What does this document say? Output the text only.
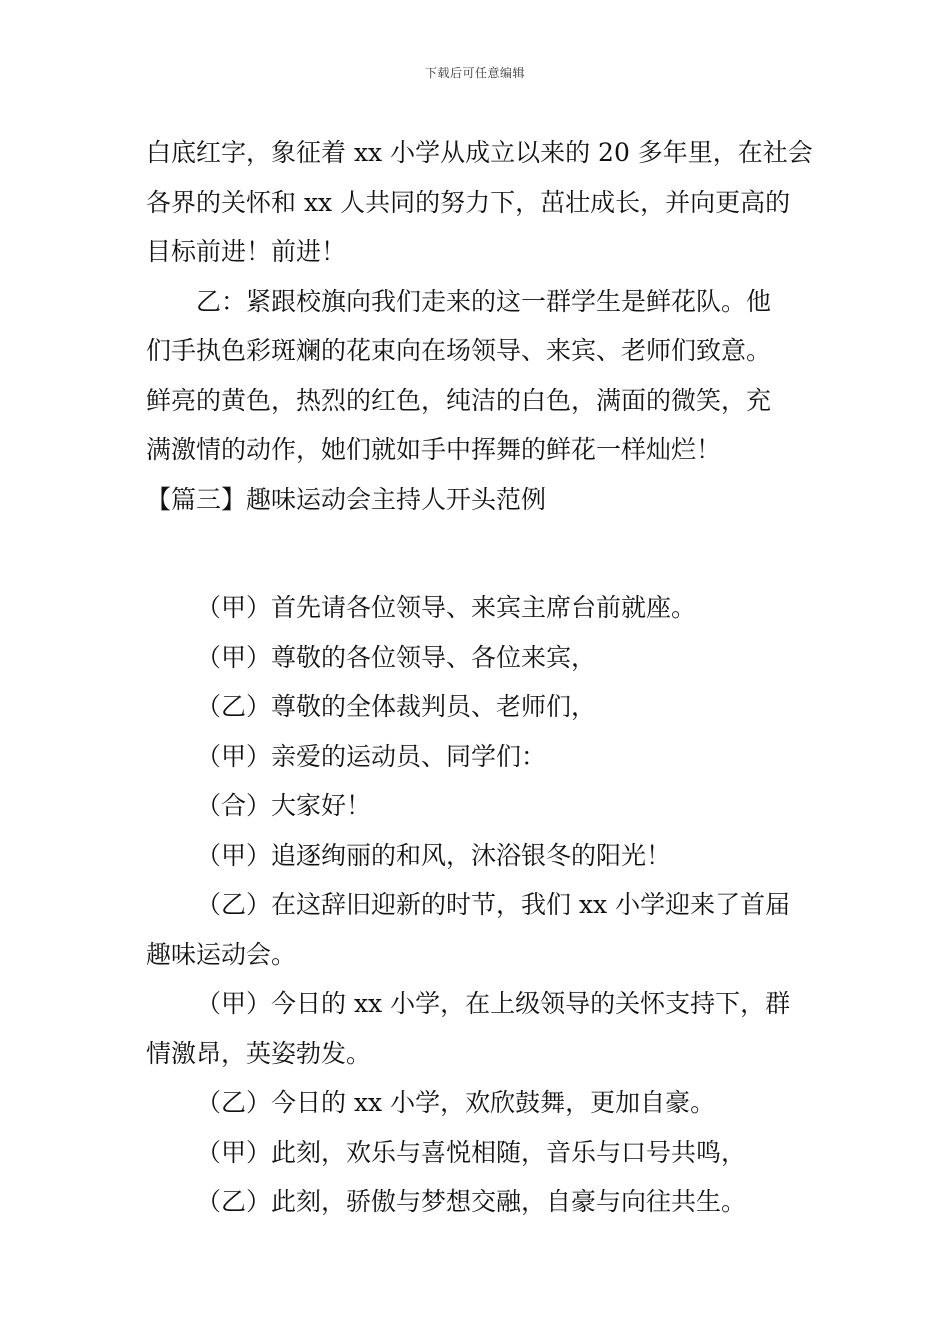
下载后可任意编辑

白底红字，象征着 xx 小学从成立以来的 20 多年里，在社会

各界的关怀和 xx 人共同的努力下，茁壮成长，并向更高的

目标前进！前进！

乙：紧跟校旗向我们走来的这一群学生是鲜花队。他

们手执色彩斑斓的花束向在场领导、来宾、老师们致意。

鲜亮的黄色，热烈的红色，纯洁的白色，满面的微笑，充

满激情的动作，她们就如手中挥舞的鲜花一样灿烂！

【篇三】趣味运动会主持人开头范例

（甲）首先请各位领导、来宾主席台前就座。

（甲）尊敬的各位领导、各位来宾，

（乙）尊敬的全体裁判员、老师们，

（甲）亲爱的运动员、同学们：

（合）大家好！

（甲）追逐绚丽的和风，沐浴银冬的阳光！

（乙）在这辞旧迎新的时节，我们 xx 小学迎来了首届

趣味运动会。

（甲）今日的 xx 小学，在上级领导的关怀支持下，群

情激昂，英姿勃发。

（乙）今日的 xx 小学，欢欣鼓舞，更加自豪。

（甲）此刻，欢乐与喜悦相随，音乐与口号共鸣，

（乙）此刻，骄傲与梦想交融，自豪与向往共生。
